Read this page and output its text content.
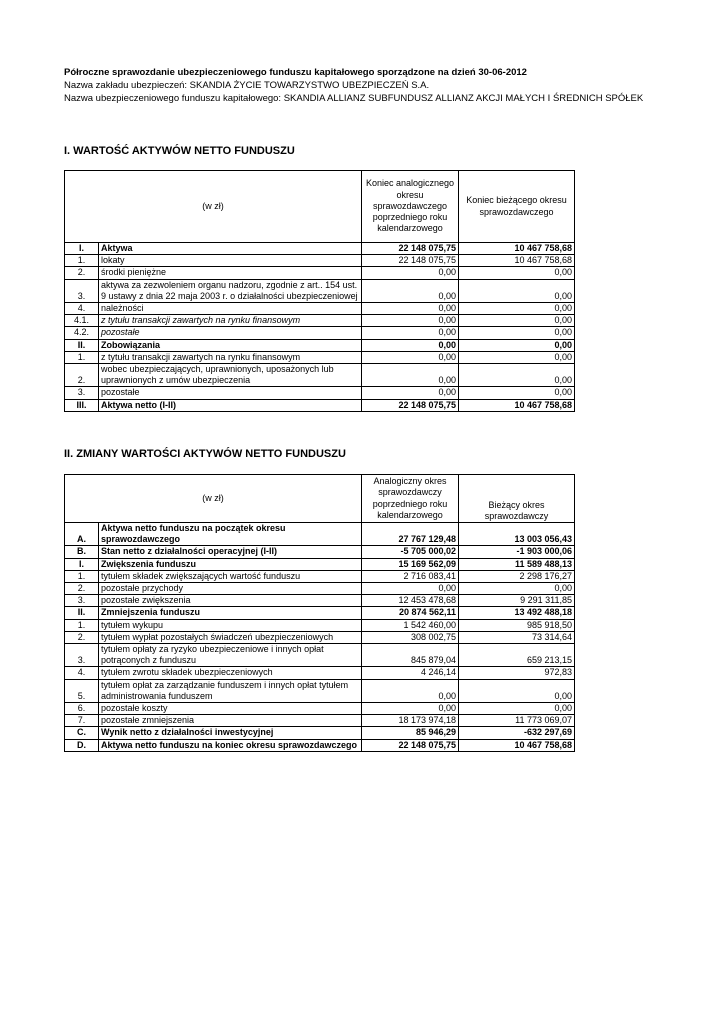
Półroczne sprawozdanie ubezpieczeniowego funduszu kapitałowego sporządzone na dzień 30-06-2012
Nazwa zakładu ubezpieczeń: SKANDIA ŻYCIE TOWARZYSTWO UBEZPIECZEŃ S.A.
Nazwa ubezpieczeniowego funduszu kapitałowego: SKANDIA ALLIANZ SUBFUNDUSZ ALLIANZ AKCJI MAŁYCH I ŚREDNICH SPÓŁEK
I. WARTOŚĆ AKTYWÓW NETTO FUNDUSZU
(w zł)		Koniec analogicznego okresu sprawozdawczego poprzedniego roku kalendarzowego	Koniec bieżącego okresu sprawozdawczego
I.	Aktywa	22 148 075,75	10 467 758,68
1.	lokaty	22 148 075,75	10 467 758,68
2.	środki pieniężne	0,00	0,00
3.	aktywa za zezwoleniem organu nadzoru, zgodnie z art.. 154 ust. 9 ustawy z dnia 22 maja 2003 r. o działalności ubezpieczeniowej	0,00	0,00
4.	należności	0,00	0,00
4.1.	z tytułu transakcji zawartych na rynku finansowym	0,00	0,00
4.2.	pozostałe	0,00	0,00
II.	Zobowiązania	0,00	0,00
1.	z tytułu transakcji zawartych na rynku finansowym	0,00	0,00
2.	wobec ubezpieczających, uprawnionych, uposażonych lub uprawnionych z umów ubezpieczenia	0,00	0,00
3.	pozostałe	0,00	0,00
III.	Aktywa netto (I-II)	22 148 075,75	10 467 758,68
II. ZMIANY WARTOŚCI AKTYWÓW NETTO FUNDUSZU
(w zł)		Analogiczny okres sprawozdawczy poprzedniego roku kalendarzowego	Bieżący okres sprawozdawczy
A.	Aktywa netto funduszu na początek okresu sprawozdawczego	27 767 129,48	13 003 056,43
B.	Stan netto z działalności operacyjnej (I-II)	-5 705 000,02	-1 903 000,06
I.	Zwiększenia funduszu	15 169 562,09	11 589 488,13
1.	tytułem składek zwiększających wartość funduszu	2 716 083,41	2 298 176,27
2.	pozostałe przychody	0,00	0,00
3.	pozostałe zwiększenia	12 453 478,68	9 291 311,85
II.	Zmniejszenia funduszu	20 874 562,11	13 492 488,18
1.	tytułem wykupu	1 542 460,00	985 918,50
2.	tytułem wypłat pozostałych świadczeń ubezpieczeniowych	308 002,75	73 314,64
3.	tytułem opłaty za ryzyko ubezpieczeniowe i innych opłat potrąconych z funduszu	845 879,04	659 213,15
4.	tytułem zwrotu składek ubezpieczeniowych	4 246,14	972,83
5.	tytułem opłat za zarządzanie funduszem i innych opłat tytułem administrowania funduszem	0,00	0,00
6.	pozostałe koszty	0,00	0,00
7.	pozostałe zmniejszenia	18 173 974,18	11 773 069,07
C.	Wynik netto z działalności inwestycyjnej	85 946,29	-632 297,69
D.	Aktywa netto funduszu na koniec okresu sprawozdawczego	22 148 075,75	10 467 758,68
